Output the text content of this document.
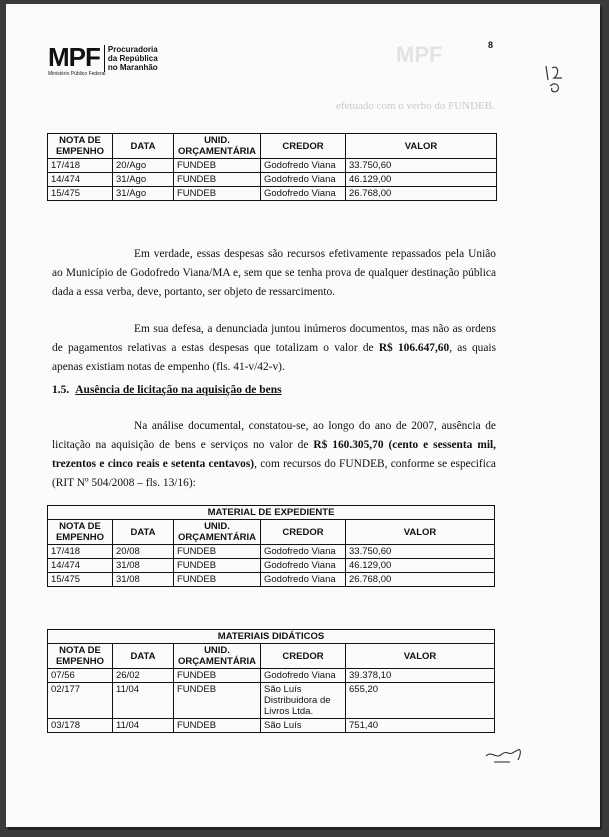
MPF
efetuado com o verbo do FUNDEB.
MPF Procuradoria
da República
no Maranhão
Ministério Público Federal
8
NOTA DE EMPENHO	DATA	UNID. ORÇAMENTÁRIA	CREDOR	VALOR
17/418	20/Ago	FUNDEB	Godofredo Viana	33.750,60
14/474	31/Ago	FUNDEB	Godofredo Viana	46.129,00
15/475	31/Ago	FUNDEB	Godofredo Viana	26.768,00
Em verdade, essas despesas são recursos efetivamente repassados pela União ao Município de Godofredo Viana/MA e, sem que se tenha prova de qualquer destinação pública dada a essa verba, deve, portanto, ser objeto de ressarcimento.
Em sua defesa, a denunciada juntou inúmeros documentos, mas não as ordens de pagamentos relativas a estas despesas que totalizam o valor de R$ 106.647,60, as quais apenas existiam notas de empenho (fls. 41-v/42-v).
1.5. Ausência de licitação na aquisição de bens
Na análise documental, constatou-se, ao longo do ano de 2007, ausência de licitação na aquisição de bens e serviços no valor de R$ 160.305,70 (cento e sessenta mil, trezentos e cinco reais e setenta centavos), com recursos do FUNDEB, conforme se especifica (RIT Nº 504/2008 – fls. 13/16):
MATERIAL DE EXPEDIENTE				
NOTA DE EMPENHO	DATA	UNID. ORÇAMENTÁRIA	CREDOR	VALOR
17/418	20/08	FUNDEB	Godofredo Viana	33.750,60
14/474	31/08	FUNDEB	Godofredo Viana	46.129,00
15/475	31/08	FUNDEB	Godofredo Viana	26.768,00
MATERIAIS DIDÁTICOS				
NOTA DE EMPENHO	DATA	UNID. ORÇAMENTÁRIA	CREDOR	VALOR
07/56	26/02	FUNDEB	Godofredo Viana	39.378,10
02/177	11/04	FUNDEB	São Luís Distribuidora de Livros Ltda.	655,20
03/178	11/04	FUNDEB	São Luís	751,40
